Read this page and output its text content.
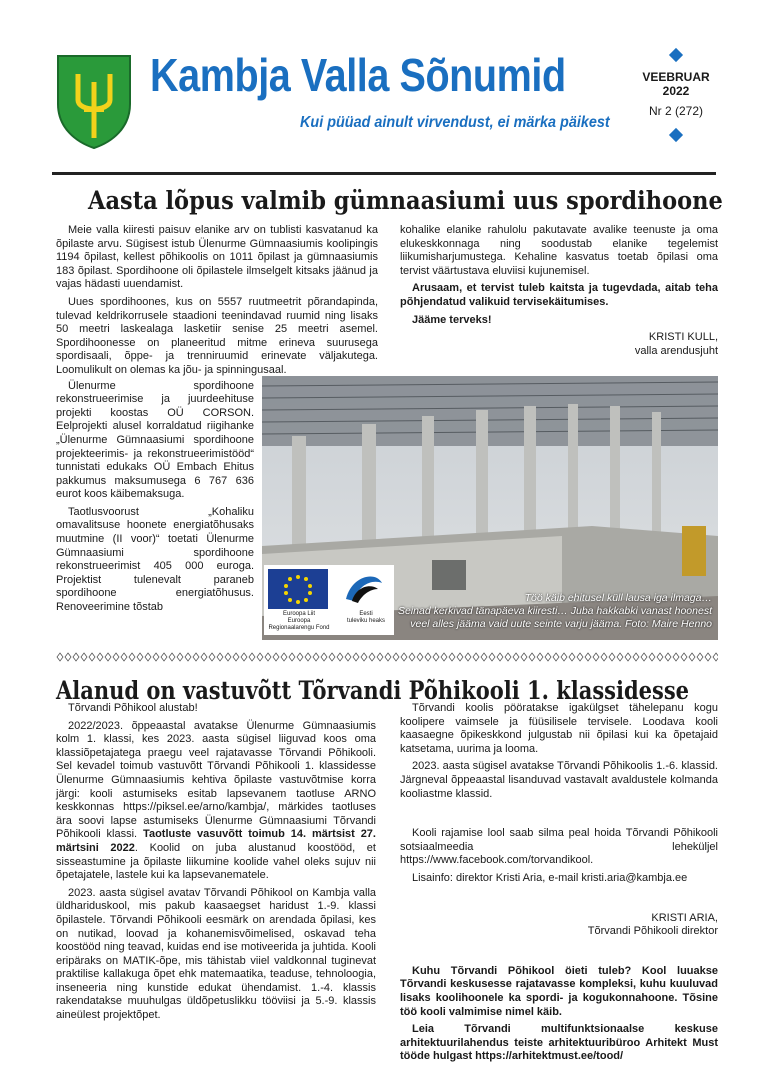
Kambja Valla Sõnumid
Kui püüad ainult virvendust, ei märka päikest
VEEBRUAR
2022
Nr 2 (272)
Aasta lõpus valmib gümnaasiumi uus spordihoone

Meie valla kiiresti paisuv elanike arv on tublisti kasvatanud ka õpilaste arvu. Sügisest istub Ülenurme Gümnaasiumis koolipingis 1194 õpilast, kellest põhikoolis on 1011 õpilast ja gümnaasiumis 183 õpilast. Spordihoone oli õpilastele ilmselgelt kitsaks jäänud ja vajas hädasti uuendamist.

Uues spordihoones, kus on 5557 ruutmeetrit põrandapinda, tulevad keldrikorrusele staadioni teenindavad ruumid ning lisaks 50 meetri laskealaga lasketiir senise 25 meetri asemel. Spordihoonesse on planeeritud mitme erineva suurusega spordisaali, õppe- ja trenniruumid erinevate väljakutega. Loomulikult on olemas ka jõu- ja spinningusaal.

Ülenurme spordihoone rekonstrueerimise ja juurdeehituse projekti koostas OÜ CORSON. Eelprojekti alusel korraldatud riigihanke „Ülenurme Gümnaasiumi spordihoone projekteerimis- ja rekonstrueerimistööd“ tunnistati edukaks OÜ Embach Ehitus pakkumus maksumusega 6 767 636 eurot koos käibemaksuga.

Taotlusvoorust „Kohaliku omavalitsuse hoonete energiatõhusaks muutmine (II voor)“ toetati Ülenurme Gümnaasiumi spordihoone rekonstrueerimist 405 000 euroga. Projektist tulenevalt paraneb spordihoone energiatõhusus. Renoveerimine tõstab

kohalike elanike rahulolu pakutavate avalike teenuste ja oma elukeskkonnaga ning soodustab elanike tegelemist liikumisharjumustega. Kehaline kasvatus toetab õpilasi oma tervist väärtustava eluviisi kujunemisel.

Arusaam, et tervist tuleb kaitsta ja tugevdada, aitab teha põhjendatud valikuid tervisekäitumises.

Jääme terveks!

KRISTI KULL,

valla arendusjuht

Euroopa Liit
Euroopa
Regionaalarengu Fond
Eesti
tuleviku heaks
Töö käib ehitusel küll lausa iga ilmaga…
Seinad kerkivad tänapäeva kiiresti… Juba hakkabki vanast hoonest
veel alles jääma vaid uute seinte varju jääma. Foto: Maire Henno
Alanud on vastuvõtt Tõrvandi Põhikooli 1. klassidesse

Tõrvandi Põhikool alustab!

2022/2023. õppeaastal avatakse Ülenurme Gümnaasiumis kolm 1. klassi, kes 2023. aasta sügisel liiguvad koos oma klassiõpetajatega praegu veel rajatavasse Tõrvandi Põhikooli. Sel kevadel toimub vastuvõtt Tõrvandi Põhikooli 1. klassidesse Ülenurme Gümnaasiumis kehtiva õpilaste vastuvõtmise korra järgi: kooli astumiseks esitab lapsevanem taotluse ARNO keskkonnas https://piksel.ee/arno/kambja/, märkides taotluses ära soovi lapse astumiseks Ülenurme Gümnaasiumi Tõrvandi Põhikooli klassi. Taotluste vasuvõtt toimub 14. märtsist 27. märtsini 2022. Koolid on juba alustanud koostööd, et sisseastumine ja õpilaste liikumine koolide vahel oleks sujuv nii õpetajatele, lastele kui ka lapsevanematele.

2023. aasta sügisel avatav Tõrvandi Põhikool on Kambja valla üldhariduskool, mis pakub kaasaegset haridust 1.-9. klassi õpilastele. Tõrvandi Põhikooli eesmärk on arendada õpilasi, kes on nutikad, loovad ja kohanemisvõimelised, oskavad teha koostööd ning teavad, kuidas end ise motiveerida ja juhtida. Kooli eripäraks on MATIK-õpe, mis tähistab viiel valdkonnal tuginevat praktilise kallakuga õpet ehk matemaatika, teaduse, tehnoloogia, inseneeria ning kunstide edukat ühendamist. 1.-4. klassis rakendatakse muuhulgas üldõpetuslikku tööviisi ja 5.-9. klassis aineülest projektõpet.

Tõrvandi koolis pööratakse igakülgset tähelepanu kogu koolipere vaimsele ja füüsilisele tervisele. Loodava kooli kaasaegne õpikeskkond julgustab nii õpilasi kui ka õpetajaid katsetama, uurima ja looma.

2023. aasta sügisel avatakse Tõrvandi Põhikoolis 1.-6. klassid. Järgneval õppeaastal lisanduvad vastavalt avaldustele kolmanda kooliastme klassid.

Kooli rajamise lool saab silma peal hoida Tõrvandi Põhikooli sotsiaalmeedia leheküljel https://www.facebook.com/torvandikool.

Lisainfo: direktor Kristi Aria, e-mail kristi.aria@kambja.ee

KRISTI ARIA,

Tõrvandi Põhikooli direktor

Kuhu Tõrvandi Põhikool öieti tuleb? Kool luuakse Tõrvandi keskusesse rajatavasse kompleksi, kuhu kuuluvad lisaks koolihoonele ka spordi- ja kogukonnahoone. Tõsine töö kooli valmimise nimel käib.

Leia Tõrvandi multifunktsionaalse keskuse arhitektuurilahendus teiste arhitektuuribüroo Arhitekt Must tööde hulgast https://arhitektmust.ee/tood/
